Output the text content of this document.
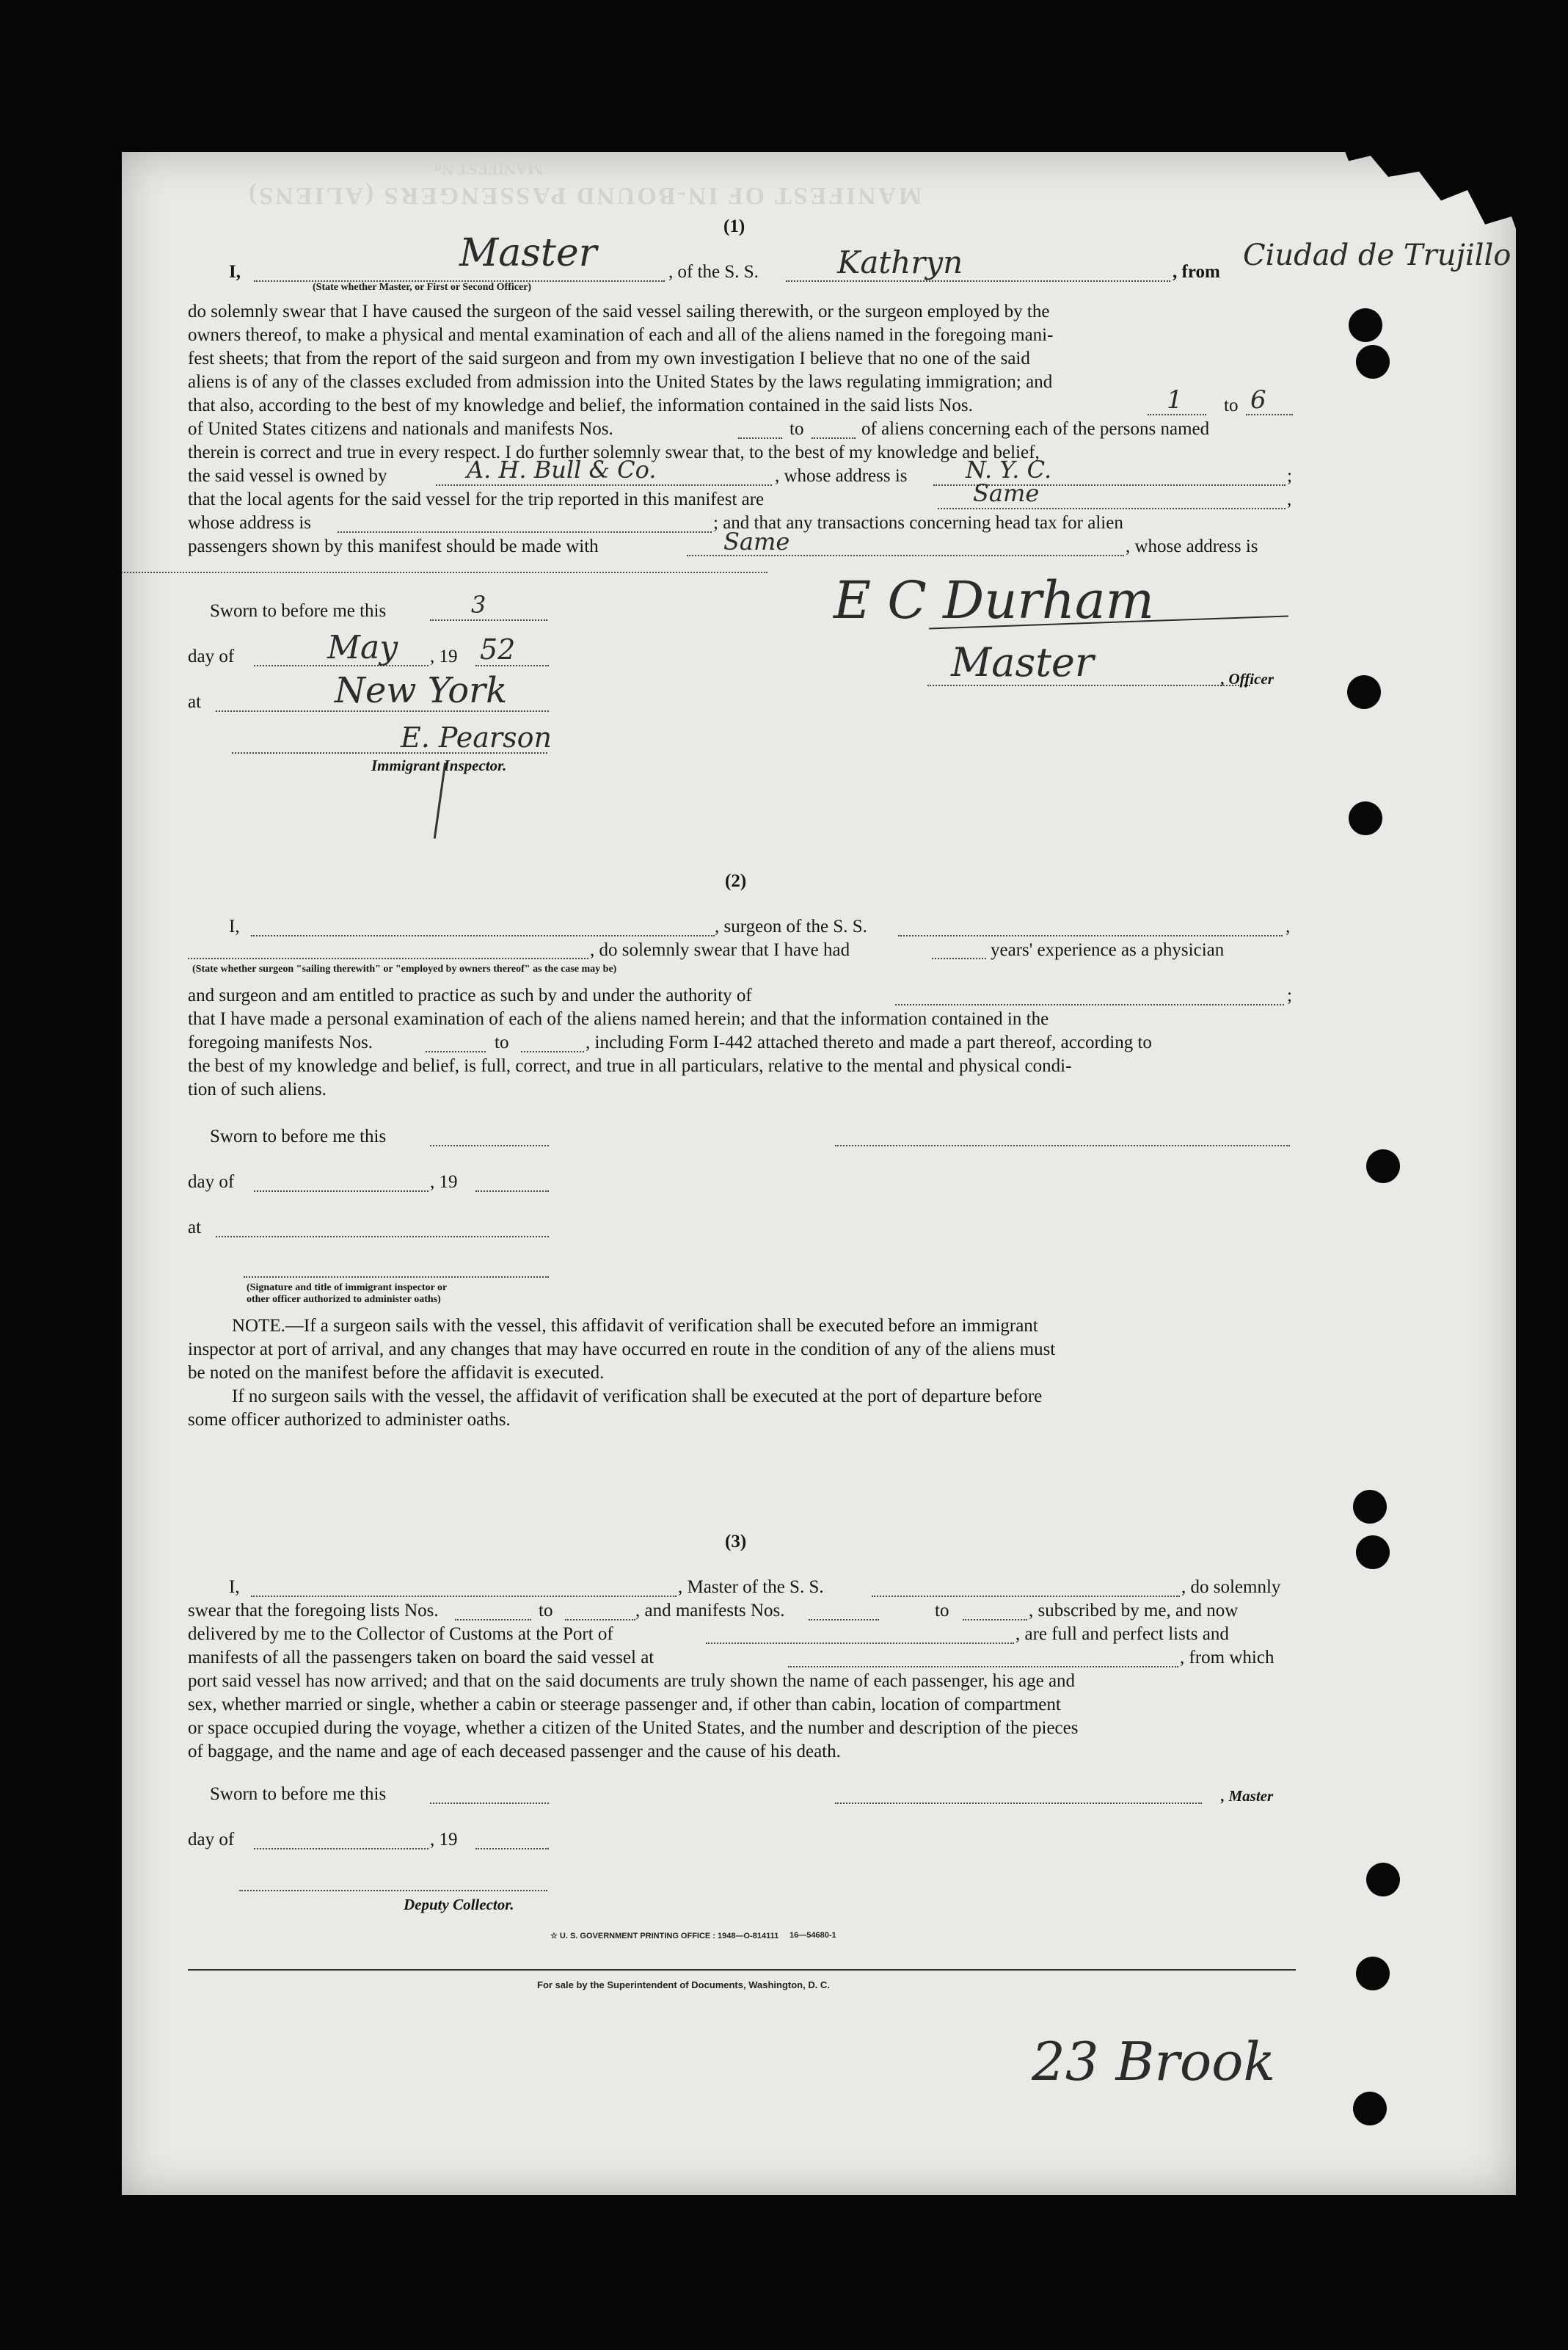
MANIFEST OF IN-BOUND PASSENGERS (ALIENS)
MANIFEST No.
(1)
I,	Master	, of the S. S.	Kathryn	, from Ciudad de Trujillo
(State whether Master, or First or Second Officer)
do solemnly swear that I have caused the surgeon of the said vessel sailing therewith, or the surgeon employed by the
owners thereof, to make a physical and mental examination of each and all of the aliens named in the foregoing mani-
fest sheets; that from the report of the said surgeon and from my own investigation I believe that no one of the said
aliens is of any of the classes excluded from admission into the United States by the laws regulating immigration; and
that also, according to the best of my knowledge and belief, the information contained in the said lists Nos.	1 to 6
of United States citizens and nationals and manifests Nos.	to	of aliens concerning each of the persons named
therein is correct and true in every respect. I do further solemnly swear that, to the best of my knowledge and belief,
the said vessel is owned by	A. H. Bull & Co.	, whose address is N. Y. C.	;
that the local agents for the said vessel for the trip reported in this manifest are	Same	,
whose address is	; and that any transactions concerning head tax for alien
passengers shown by this manifest should be made with	Same	, whose address is
Sworn to before me this	3
day of	May , 19 52
at	New York
E. Pearson
Immigrant Inspector.
E C Durham
Master	, Officer
(2)
I,	, surgeon of the S. S.	,
, do solemnly swear that I have had	years' experience as a physician
(State whether surgeon "sailing therewith" or "employed by owners thereof" as the case may be)
and surgeon and am entitled to practice as such by and under the authority of	;
that I have made a personal examination of each of the aliens named herein; and that the information contained in the
foregoing manifests Nos.	to	, including Form I-442 attached thereto and made a part thereof, according to
the best of my knowledge and belief, is full, correct, and true in all particulars, relative to the mental and physical condi-
tion of such aliens.
Sworn to before me this
day of	, 19
at
(Signature and title of immigrant inspector or
other officer authorized to administer oaths)
NOTE.—If a surgeon sails with the vessel, this affidavit of verification shall be executed before an immigrant
inspector at port of arrival, and any changes that may have occurred en route in the condition of any of the aliens must
be noted on the manifest before the affidavit is executed.
If no surgeon sails with the vessel, the affidavit of verification shall be executed at the port of departure before
some officer authorized to administer oaths.
(3)
I,	, Master of the S. S.	, do solemnly
swear that the foregoing lists Nos.	to	, and manifests Nos.	to	, subscribed by me, and now
delivered by me to the Collector of Customs at the Port of	, are full and perfect lists and
manifests of all the passengers taken on board the said vessel at	, from which
port said vessel has now arrived; and that on the said documents are truly shown the name of each passenger, his age and
sex, whether married or single, whether a cabin or steerage passenger and, if other than cabin, location of compartment
or space occupied during the voyage, whether a citizen of the United States, and the number and description of the pieces
of baggage, and the name and age of each deceased passenger and the cause of his death.
Sworn to before me this	, Master
day of	, 19
Deputy Collector.
☆ U. S. GOVERNMENT PRINTING OFFICE : 1948—O-814111 16—54680-1
For sale by the Superintendent of Documents, Washington, D. C.
23 Brook
